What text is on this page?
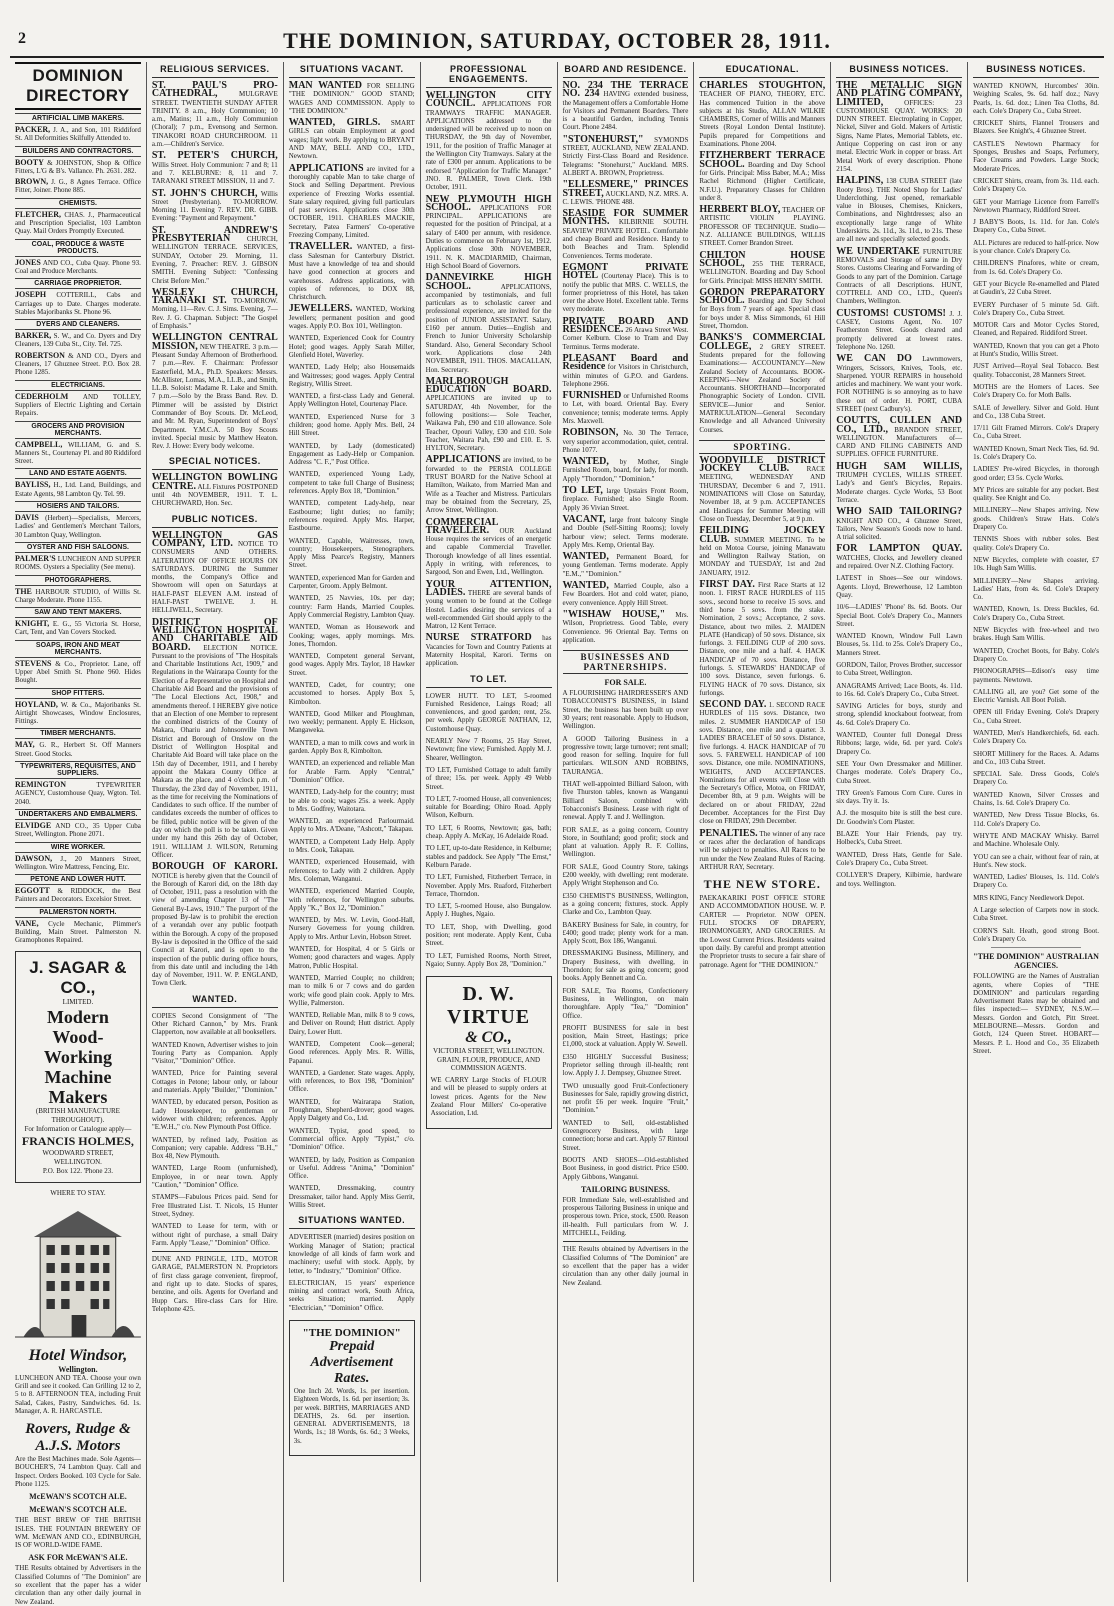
2	THE DOMINION, SATURDAY, OCTOBER 28, 1911.
DOMINION DIRECTORY
ARTIFICIAL LIMB MAKERS.
PACKER, J. A., and Son, 101 Riddiford St. All Deformities Skilfully Attended to.
BUILDERS AND CONTRACTORS.
BOOTY & JOHNSTON, Shop & Office Fitters, L'G & B's. Vallance. Ph. 2631. 282.
BROWN, J. G., 8 Agnes Terrace. Office Fitter, Joiner. Phone 885.
CHEMISTS.
FLETCHER, CHAS. J., Pharmaceutical and Prescription Specialist, 103 Lambton Quay. Mail Orders Promptly Executed.
COAL, PRODUCE & WASTE PRODUCTS.
JONES AND CO., Cuba Quay. Phone 93. Coal and Produce Merchants.
CARRIAGE PROPRIETOR.
JOSEPH COTTERILL, Cabs and Carriages up to Date. Charges moderate. Stables Majoribanks St. Phone 96.
DYERS AND CLEANERS.
BARKER, S. W., and Co. Dyers and Dry Cleaners, 139 Cuba St., City. Tel. 725.
ROBERTSON & AND CO., Dyers and Cleaners, 17 Ghuznee Street. P.O. Box 28. Phone 1285.
ELECTRICIANS.
CEDERHOLM AND TOLLEY, Suppliers of Electric Lighting and Certain Repairs.
GROCERS AND PROVISION MERCHANTS.
CAMPBELL, WILLIAM, G. and S. Manners St., Courtenay Pl. and 80 Riddiford Street.
LAND AND ESTATE AGENTS.
BAYLISS, H., Ltd. Land, Buildings, and Estate Agents, 98 Lambton Qy. Tel. 99.
HOSIERS AND TAILORS.
DAVIS (Herbert)—Specialists, Mercers, Ladies' and Gentlemen's Merchant Tailors, 30 Lambton Quay, Wellington.
OYSTER AND FISH SALOONS.
PALMER'S LUNCHEON AND SUPPER ROOMS. Oysters a Speciality (See menu).
PHOTOGRAPHERS.
THE HARBOUR STUDIO, of Willis St. Charge Moderate. Phone 1155.
SAW AND TENT MAKERS.
KNIGHT, E. G., 55 Victoria St. Horse, Cart, Tent, and Van Covers Stocked.
SOAPS, IRON AND MEAT MERCHANTS.
STEVENS & Co., Proprietor. Lane, off Upper Abel Smith St. Phone 960. Hides Bought.
SHOP FITTERS.
HOYLAND, W. & Co., Majoribanks St. Airtight Showcases, Window Enclosures, Fittings.
TIMBER MERCHANTS.
MAY, G. R., Herbert St. Off Manners Street. Good Stocks.
TYPEWRITERS, REQUISITES, AND SUPPLIERS.
REMINGTON TYPEWRITER AGENCY, Customhouse Quay, Wgton. Tel. 2040.
UNDERTAKERS AND EMBALMERS.
ELVIDGE AND CO., 35 Upper Cuba Street, Wellington. Phone 2071.
WIRE WORKER.
DAWSON, J., 20 Manners Street, Wellington. Wire Mattress, Fencing, Etc.
PETONE AND LOWER HUTT.
EGGOTT & RIDDOCK, the Best Painters and Decorators. Excelsior Street.
PALMERSTON NORTH.
VANE, Cycle Mechanic, Plimmer's Building, Main Street. Palmerston N. Gramophones Repaired.
J. SAGAR & CO.,
LIMITED.
Modern
Wood-Working
Machine Makers
(BRITISH MANUFACTURE THROUGHOUT).
For Information or Catalogue apply—
FRANCIS HOLMES,
WOODWARD STREET, WELLINGTON.
P.O. Box 122. 'Phone 23.
WHERE TO STAY.
Hotel Windsor,
Wellington.
LUNCHEON AND TEA. Choose your own Grill and see it cooked. Can Grilling 12 to 2, 5 to 8. AFTERNOON TEA, including Fruit Salad, Cakes, Pastry, Sandwiches. 6d. 1s. Manager, A. R. HARCASTLE.
Rovers, Rudge &
A.J.S. Motors
Are the Best Machines made. Sole Agents—BOUCHER'S, 74 Lambton Quay. Call and Inspect. Orders Booked. 103 Cycle for Sale. Phone 1125.
McEWAN'S SCOTCH ALE.
McEWAN'S SCOTCH ALE.
THE BEST BREW OF THE BRITISH ISLES. THE FOUNTAIN BREWERY OF WM. McEWAN AND CO., EDINBURGH, IS OF WORLD-WIDE FAME.
ASK FOR McEWAN'S ALE.
THE Results obtained by Advertisers in the Classified Columns of "The Dominion" are so excellent that the paper has a wider circulation than any other daily journal in New Zealand.
RELIGIOUS SERVICES.
ST. PAUL'S PRO-CATHEDRAL, MULGRAVE STREET. TWENTIETH SUNDAY AFTER TRINITY. 8 a.m., Holy Communion; 10 a.m., Matins; 11 a.m., Holy Communion (Choral); 7 p.m., Evensong and Sermon. TINAKORI ROAD CHURCHROOM. 11 a.m.—Children's Service.
ST. PETER'S CHURCH, Willis Street. Holy Communion: 7 and 8; 11 and 7. KELBURNE: 8, 11 and 7. TARANAKI STREET MISSION, 11 and 7.
ST. JOHN'S CHURCH, Willis Street (Presbyterian). TO-MORROW. Morning 11. Evening 7. REV. DR. GIBB. Evening: "Payment and Repayment."
ST. ANDREW'S PRESBYTERIAN CHURCH, WELLINGTON TERRACE. SERVICES, SUNDAY, October 29. Morning, 11. Evening, 7. Preacher: REV. J. GIBSON SMITH. Evening Subject: "Confessing Christ Before Men."
WESLEY CHURCH, TARANAKI ST. TO-MORROW. Morning, 11—Rev. C. J. Sims. Evening, 7—Rev. J. G. Chapman. Subject: "The Gospel of Emphasis."
WELLINGTON CENTRAL MISSION, NEW THEATRE. 3 p.m.—Pleasant Sunday Afternoon of Brotherhood. 7 p.m.—Rev. F. Chairman: Professor Easterfield, M.A., Ph.D. Speakers: Messrs. McAllister, Lomas, M.A., LL.B., and Smith, LL.B. Soloist: Madame R. Lake and Smith. 7 p.m.—Solo by the Brass Band. Rev. D. Plimmer will be assisted by District Commander of Boy Scouts. Dr. McLeod, and Mr. M. Ryan, Superintendent of Boys' Department. Y.M.C.A. 50 Boy Scouts invited. Special music by Matthew Heaton. Rev. J. Howe: Every body welcome.
SPECIAL NOTICES.
WELLINGTON BOWLING CENTRE. ALL Fixtures POSTPONED until 4th NOVEMBER, 1911. T. L. CHURCHWARD, Hon. Sec.
PUBLIC NOTICES.
WELLINGTON GAS COMPANY, LTD. NOTICE TO CONSUMERS AND OTHERS. ALTERATION OF OFFICE HOURS ON SATURDAYS. DURING the Summer months, the Company's Office and Showroom will open on Saturdays at HALF-PAST ELEVEN A.M. instead of HALF-PAST TWELVE. J. H. HELLIWELL, Secretary.
DISTRICT OF WELLINGTON HOSPITAL AND CHARITABLE AID BOARD. ELECTION NOTICE. Pursuant to the provisions of "The Hospitals and Charitable Institutions Act, 1909," and Regulations in the Wairarapa County for the Election of a Representative on Hospital and Charitable Aid Board and the provisions of "The Local Elections Act, 1908," and amendments thereof. I HEREBY give notice that an Election of one Member to represent the combined districts of the County of Makara, Ohariu and Johnsonville Town District and Borough of Onslow on the District of Wellington Hospital and Charitable Aid Board will take place on the 15th day of December, 1911, and I hereby appoint the Makara County Office at Makara as the place, and 4 o'clock p.m. of Thursday, the 23rd day of November, 1911, as the time for receiving the Nominations of Candidates to such office. If the number of candidates exceeds the number of offices to be filled, public notice will be given of the day on which the poll is to be taken. Given under my hand this 26th day of October, 1911. WILLIAM J. WILSON, Returning Officer.
BOROUGH OF KARORI. NOTICE is hereby given that the Council of the Borough of Karori did, on the 18th day of October, 1911, pass a resolution with the view of amending Chapter 13 of "The General By-Laws, 1910." The purport of the proposed By-law is to prohibit the erection of a verandah over any public footpath within the Borough. A copy of the proposed By-law is deposited in the Office of the said Council at Karori, and is open to the inspection of the public during office hours, from this date until and including the 14th day of November, 1911. W. P. ENGLAND, Town Clerk.
WANTED.
COPIES Second Consignment of "The Other Richard Cannon," by Mrs. Frank Clapperton, now available at all booksellers.
WANTED Known, Advertiser wishes to join Touring Party as Companion. Apply "Visitor," "Dominion" Office.
WANTED, Price for Painting several Cottages in Petone; labour only, or labour and materials. Apply "Builder," "Dominion."
WANTED, by educated person, Position as Lady Housekeeper, to gentleman or widower with children; references. Apply "E.W.H.," c/o. New Plymouth Post Office.
WANTED, by refined lady, Position as Companion; very capable. Address "B.H.," Box 48, New Plymouth.
WANTED, Large Room (unfurnished), Employee, in or near town. Apply "Caution," "Dominion" Office.
STAMPS—Fabulous Prices paid. Send for Free Illustrated List. T. Nicols, 15 Hunter Street, Sydney.
WANTED to Lease for term, with or without right of purchase, a small Dairy Farm. Apply "Lease," "Dominion" Office.
DUNE AND PRINGLE, LTD., MOTOR GARAGE, PALMERSTON N. Proprietors of first class garage convenient, fireproof, and right up to date. Stocks of spares, benzine, and oils. Agents for Overland and Hupp Cars. Hire-class Cars for Hire. Telephone 425.
SITUATIONS VACANT.
MAN WANTED FOR SELLING "THE DOMINION." GOOD STAND; WAGES AND COMMISSION. Apply to "THE DOMINION."
WANTED, GIRLS. SMART GIRLS can obtain Employment at good wages; light work. By applying to BRYANT AND MAY, BELL AND CO., LTD., Newtown.
APPLICATIONS are invited for a thoroughly capable Man to take charge of Stock and Selling Department. Previous experience of Freezing Works essential. State salary required, giving full particulars of past services. Applications close 30th OCTOBER, 1911. CHARLES MACKIE, Secretary, Patea Farmers' Co-operative Freezing Company, Limited.
TRAVELLER. WANTED, a first-class Salesman for Canterbury District. Must have a knowledge of tea and should have good connection at grocers and warehouses. Address applications, with copies of references, to DOX 88, Christchurch.
JEWELLERS. WANTED, Working Jewellers; permanent position and good wages. Apply P.O. Box 101, Wellington.
WANTED, Experienced Cook for Country Hotel; good wages. Apply Sarah Miller, Glenfield Hotel, Waverley.
WANTED, Lady Help; also Housemaids and Waitresses; good wages. Apply Central Registry, Willis Street.
WANTED, a first-class Lady and General. Apply Wellington Hotel, Courtenay Place.
WANTED, Experienced Nurse for 3 children; good home. Apply Mrs. Bell, 24 Hill Street.
WANTED, by Lady (domesticated) Engagement as Lady-Help or Companion. Address "C. F.," Post Office.
WANTED, experienced Young Lady, competent to take full Charge of Business; references. Apply Box 18, "Dominion."
WANTED, competent Lady-help, near Eastbourne; light duties; no family; references required. Apply Mrs. Harper, Eastbourne.
WANTED, Capable, Waitresses, town, country; Housekeepers, Stenographers. Apply Miss Pearce's Registry, Manners Street.
WANTED, experienced Man for Garden and Carpenter, Groom. Apply Belmont.
WANTED, 25 Navvies, 10s. per day; country: Farm Hands, Married Couples. Apply Commercial Registry, Lambton Quay.
WANTED, Woman as Housework and Cooking; wages, apply mornings. Mrs. Jones, Thorndon.
WANTED, Competent general Servant, good wages. Apply Mrs. Taylor, 18 Hawker Street.
WANTED, Cadet, for country; one accustomed to horses. Apply Box 5, Kimbolton.
WANTED, Good Milker and Ploughman, two weekly; permanent. Apply E. Hickson, Mangaweka.
WANTED, a man to milk cows and work in garden. Apply Box 8, Kimbolton.
WANTED, an experienced and reliable Man for Arable Farm. Apply "Central," "Dominion" Office.
WANTED, Lady-help for the country; must be able to cook; wages 25s. a week. Apply to Mrs. Godfrey, Waitotara.
WANTED, an experienced Parlourmaid. Apply to Mrs. A'Deane, "Ashcott," Takapau.
WANTED, a Competent Lady Help. Apply to Mrs. Cook, Takapau.
WANTED, experienced Housemaid, with references; to Lady with 2 children. Apply Mrs. Coleman, Wanganui.
WANTED, experienced Married Couple, with references, for Wellington suburbs. Apply "K.," Box 12, "Dominion."
WANTED, by Mrs. W. Levin, Good-Hall, Nursery Governess for young children. Apply to Mrs. Arthur Levin, Hobson Street.
WANTED, for Hospital, 4 or 5 Girls or Women; good characters and wages. Apply Matron, Public Hospital.
WANTED, Married Couple; no children; man to milk 6 or 7 cows and do garden work; wife good plain cook. Apply to Mrs. Wyllie, Palmerston.
WANTED, Reliable Man, milk 8 to 9 cows, and Deliver on Round; Hutt district. Apply Dairy, Lower Hutt.
WANTED, Competent Cook—general; Good references. Apply Mrs. R. Willis, Papanui.
WANTED, a Gardener. State wages. Apply, with references, to Box 198, "Dominion" Office.
WANTED, for Wairarapa Station, Ploughman, Shepherd-drover; good wages. Apply Dalgety and Co., Ltd.
WANTED, Typist, good speed, to Commercial office. Apply "Typist," c/o. "Dominion" Office.
WANTED, by lady, Position as Companion or Useful. Address "Anima," "Dominion" Office.
WANTED, Dressmaking, country Dressmaker, tailor hand. Apply Miss Gerrit, Willis Street.
SITUATIONS WANTED.
ADVERTISER (married) desires position on Working Manager of Station; practical knowledge of all kinds of farm work and machinery; useful with stock. Apply, by letter, to "Industry," "Dominion" Office.
ELECTRICIAN, 15 years' experience mining and contract work, South Africa, seeks Situation; married. Apply "Electrician," "Dominion" Office.
"THE DOMINION"
Prepaid Advertisement Rates.
One Inch 2d. Words, 1s. per insertion. Eighteen Words, 1s. 6d. per insertion; 3s. per week. BIRTHS, MARRIAGES AND DEATHS, 2s. 6d. per insertion. GENERAL ADVERTISEMENTS, 18 Words, 1s.; 18 Words, 6s. 6d.; 3 Weeks, 3s.
PROFESSIONAL ENGAGEMENTS.
WELLINGTON CITY COUNCIL. APPLICATIONS FOR TRAMWAYS TRAFFIC MANAGER. APPLICATIONS addressed to the undersigned will be received up to noon on THURSDAY, the 9th day of November, 1911, for the position of Traffic Manager at the Wellington City Tramways. Salary at the rate of £300 per annum. Applications to be endorsed "Application for Traffic Manager." JNO. R. PALMER, Town Clerk. 19th October, 1911.
NEW PLYMOUTH HIGH SCHOOL. APPLICATIONS FOR PRINCIPAL. APPLICATIONS are requested for the position of Principal, at a salary of £400 per annum, with residence. Duties to commence on February 1st, 1912. Applications close 30th NOVEMBER, 1911. N. K. MACDIARMID, Chairman, High School Board of Governors.
DANNEVIRKE HIGH SCHOOL. APPLICATIONS, accompanied by testimonials, and full particulars as to scholastic career and professional experience, are invited for the position of JUNIOR ASSISTANT. Salary, £160 per annum. Duties—English and French to Junior University Scholarship Standard. Also, General Secondary School work. Applications close 24th NOVEMBER, 1911. THOS. MACALLAN, Hon. Secretary.
MARLBOROUGH EDUCATION BOARD. APPLICATIONS are invited up to SATURDAY, 4th November, for the following positions:— Sole Teacher, Waikawa Pah, £90 and £10 allowance. Sole Teacher, Opouri Valley, £30 and £10. Sole Teacher, Waitara Pah, £90 and £10. E. S. HYLTON, Secretary.
APPLICATIONS are invited, to be forwarded to the PERSIA COLLEGE TRUST BOARD for the Native School at Hamilton, Waikato, from Married Man and Wife as a Teacher and Mistress. Particulars may be obtained from the Secretary, 25, Arrow Street, Wellington.
COMMERCIAL TRAVELLER. OUR Auckland House requires the services of an energetic and capable Commercial Traveller. Thorough knowledge of all lines essential. Apply in writing, with references, to Sargood, Son and Ewen, Ltd., Wellington.
YOUR ATTENTION, LADIES. THERE are several bands of young women to be found at the College Hostel. Ladies desiring the services of a well-recommended Girl should apply to the Matron, 12 Kent Terrace.
NURSE STRATFORD has Vacancies for Town and Country Patients at Maternity Hospital, Karori. Terms on application.
TO LET.
LOWER HUTT. TO LET, 5-roomed Furnished Residence, Laings Road; all conveniences, and good garden; rent, 25s. per week. Apply GEORGE NATHAN, 12, Customhouse Quay.
NEARLY New 7 Rooms, 25 Hay Street, Newtown; fine view; Furnished. Apply M. J. Shearer, Wellington.
TO LET, Furnished Cottage to adult family of three; 15s. per week. Apply 49 Webb Street.
TO LET, 7-roomed House, all conveniences; suitable for Boarding; Ohiro Road. Apply Wilson, Kelburn.
TO LET, 6 Rooms, Newtown; gas, bath; cheap. Apply A. McKay, 16 Adelaide Road.
TO LET, up-to-date Residence, in Kelburne; stables and paddock. See Apply "The Ernst," Kelburn Parade.
TO LET, Furnished, Fitzherbert Terrace, in November. Apply Mrs. Ruaford, Fitzherbert Terrace, Thorndon.
TO LET, 5-roomed House, also Bungalow. Apply J. Hughes, Ngaio.
TO LET, Shop, with Dwelling, good position; rent moderate. Apply Kent, Cuba Street.
TO LET, Furnished Rooms, North Street, Ngaio; Sunny. Apply Box 28, "Dominion."
D. W. VIRTUE
& CO.,
VICTORIA STREET, WELLINGTON. GRAIN, FLOUR, PRODUCE, AND COMMISSION AGENTS.
WE CARRY Large Stocks of FLOUR and will be pleased to supply orders at lowest prices. Agents for the New Zealand Flour Millers' Co-operative Association, Ltd.
BOARD AND RESIDENCE.
NO. 234 THE TERRACE NO. 234 HAVING extended business, the Management offers a Comfortable Home for Visitors and Permanent Boarders. There is a beautiful Garden, including Tennis Court. Phone 2484.
"STONEHURST," SYMONDS STREET, AUCKLAND, NEW ZEALAND. Strictly First-Class Board and Residence. Telegrams: "Stonehurst," Auckland. MRS. ALBERT A. BROWN, Proprietress.
"ELLESMERE," PRINCES STREET, AUCKLAND, N.Z. MRS. A. C. LEWIS. 'PHONE 488.
SEASIDE FOR SUMMER MONTHS. KILBIRNIE SOUTH. SEAVIEW PRIVATE HOTEL. Comfortable and cheap Board and Residence. Handy to both Beaches and Tram. Splendid Conveniences. Terms moderate.
EGMONT PRIVATE HOTEL (Courtenay Place). This is to notify the public that MRS. C. WELLS, the former proprietress of this Hotel, has taken over the above Hotel. Excellent table. Terms very moderate.
PRIVATE BOARD AND RESIDENCE. 26 Arawa Street West. Corner Kelburn. Close to Tram and Day Terminus. Terms moderate.
PLEASANT Board and Residence for Visitors in Christchurch, within minutes of G.P.O. and Gardens. Telephone 2966.
FURNISHED or Unfurnished Rooms to Let, with board. Oriental Bay. Every convenience; tennis; moderate terms. Apply Mrs. Maxwell.
ROBINSON, No. 30 The Terrace, very superior accommodation, quiet, central. Phone 1077.
WANTED, by Mother, Single Furnished Room, board, for lady, for month. Apply "Thorndon," "Dominion."
TO LET, large Upstairs Front Room, fireplace. Furnished; also Single Room. Apply 36 Vivian Street.
VACANT, large front balcony Single and Double (Self-Sitting Rooms); lovely harbour view; select. Terms moderate. Apply Mrs. Kemp, Oriental Bay.
WANTED, Permanent Board, for young Gentleman. Terms moderate. Apply "E.M.," "Dominion."
WANTED, Married Couple, also a Few Boarders. Hot and cold water, piano, every convenience. Apply Hill Street.
"WISHAW HOUSE," Mrs. Wilson, Proprietress. Good Table, every Convenience. 96 Oriental Bay. Terms on application.
BUSINESSES AND PARTNERSHIPS.
FOR SALE.
A FLOURISHING HAIRDRESSER'S AND TOBACCONIST'S BUSINESS, in Island Street, the business has been built up over 30 years; rent reasonable. Apply to Hudson, Wellington.
A GOOD Tailoring Business in a progressive town; large turnover; rent small; good reason for selling. Inquire for full particulars. WILSON AND ROBBINS, TAURANGA.
THAT well-appointed Billiard Saloon, with five Thurston tables, known as Wanganui Billiard Saloon, combined with Tobacconist's Business. Lease with right of renewal. Apply T. and J. Wellington.
FOR SALE, as a going concern, Country Store, in Southland; good profit; stock and plant at valuation. Apply R. F. Collins, Wellington.
FOR SALE, Good Country Store, takings £200 weekly, with dwelling; rent moderate. Apply Wright Stephenson and Co.
£350 CHEMIST'S BUSINESS, Wellington, as a going concern; fixtures, stock. Apply Clarke and Co., Lambton Quay.
BAKERY Business for Sale, in country, for £400; good trade; plenty work for a man. Apply Scott, Box 186, Wanganui.
DRESSMAKING Business, Millinery, and Drapery Business, with dwelling, in Thorndon; for sale as going concern; good books. Apply Bennett and Co.
FOR SALE, Tea Rooms, Confectionery Business, in Wellington, on main thoroughfare. Apply "Tea," "Dominion" Office.
PROFIT BUSINESS for sale in best position, Main Street, Hastings; price £1,000, stock at valuation. Apply W. Sewell.
£350 HIGHLY Successful Business; Proprietor selling through ill-health; rent low. Apply J. J. Dempsey, Ghuznee Street.
TWO unusually good Fruit-Confectionery Businesses for Sale, rapidly growing district, net profit £6 per week. Inquire "Fruit," "Dominion."
WANTED to Sell, old-established Greengrocery Business, with large connection; horse and cart. Apply 57 Rintoul Street.
BOOTS AND SHOES—Old-established Boot Business, in good district. Price £500. Apply Gibbons, Wanganui.
TAILORING BUSINESS.
FOR Immediate Sale, well-established and prosperous Tailoring Business in unique and prosperous town. Price, stock, £500. Reason ill-health. Full particulars from W. J. MITCHELL, Feilding.
THE Results obtained by Advertisers in the Classified Columns of "The Dominion" are so excellent that the paper has a wider circulation than any other daily journal in New Zealand.
EDUCATIONAL.
CHARLES STOUGHTON, TEACHER OF PIANO, THEORY, ETC. Has commenced Tuition in the above subjects at his Studio, ALLAN WILKIE CHAMBERS, Corner of Willis and Manners Streets (Royal London Dental Institute). Pupils prepared for Competitions and Examinations. Phone 2004.
FITZHERBERT TERRACE SCHOOL. Boarding and Day School for Girls. Principal: Miss Baber, M.A.; Miss Rachel Richmond (Higher Certificate, N.F.U.). Preparatory Classes for Children under 8.
HERBERT BLOY, TEACHER OF ARTISTIC VIOLIN PLAYING. PROFESSOR OF TECHNIQUE. Studio—N.Z. ALLIANCE BUILDINGS, WILLIS STREET. Corner Brandon Street.
CHILTON HOUSE SCHOOL, 255 THE TERRACE, WELLINGTON. Boarding and Day School for Girls. Principal: MISS HENRY SMITH.
GORDON PREPARATORY SCHOOL. Boarding and Day School for Boys from 7 years of age. Special class for boys under 8. Miss Simmonds, 61 Hill Street, Thorndon.
BANKS'S COMMERCIAL COLLEGE, 2 GREY STREET. Students prepared for the following Examinations:— ACCOUNTANCY—New Zealand Society of Accountants. BOOK-KEEPING—New Zealand Society of Accountants. SHORTHAND—Incorporated Phonographic Society of London. CIVIL SERVICE—Junior and Senior. MATRICULATION—General Secondary Knowledge and all Advanced University Courses.
SPORTING.
WOODVILLE DISTRICT JOCKEY CLUB. RACE MEETING, WEDNESDAY AND THURSDAY, December 6 and 7, 1911. NOMINATIONS will Close on Saturday, November 18, at 9 p.m. ACCEPTANCES and Handicaps for Summer Meeting will Close on Tuesday, December 5, at 9 p.m.
FEILDING JOCKEY CLUB. SUMMER MEETING. To be held on Motoa Course, joining Manawatu and Wellington Railway Station, on MONDAY and TUESDAY, 1st and 2nd JANUARY, 1912.
FIRST DAY. First Race Starts at 12 noon. 1. FIRST RACE HURDLES of 115 sovs., second horse to receive 15 sovs. and third horse 5 sovs. from the stake. Nomination, 2 sovs.; Acceptance, 2 sovs. Distance, about two miles. 2. MAIDEN PLATE (Handicap) of 50 sovs. Distance, six furlongs. 3. FEILDING CUP of 200 sovs. Distance, one mile and a half. 4. HACK HANDICAP of 70 sovs. Distance, five furlongs. 5. STEWARDS' HANDICAP of 100 sovs. Distance, seven furlongs. 6. FLYING HACK of 70 sovs. Distance, six furlongs.
SECOND DAY. 1. SECOND RACE HURDLES of 115 sovs. Distance, two miles. 2. SUMMER HANDICAP of 150 sovs. Distance, one mile and a quarter. 3. LADIES' BRACELET of 50 sovs. Distance, five furlongs. 4. HACK HANDICAP of 70 sovs. 5. FAREWELL HANDICAP of 100 sovs. Distance, one mile. NOMINATIONS, WEIGHTS, AND ACCEPTANCES. Nominations for all events will Close with the Secretary's Office, Motoa, on FRIDAY, December 8th, at 9 p.m. Weights will be declared on or about FRIDAY, 22nd December. Acceptances for the First Day close on FRIDAY, 29th December.
PENALTIES. The winner of any race or races after the declaration of handicaps will be subject to penalties. All Races to be run under the New Zealand Rules of Racing. ARTHUR RAY, Secretary.
THE NEW STORE.
PAEKAKARIKI POST OFFICE STORE AND ACCOMMODATION HOUSE. W. P. CARTER — Proprietor. NOW OPEN. FULL STOCKS OF DRAPERY, IRONMONGERY, AND GROCERIES. At the Lowest Current Prices. Residents waited upon daily. By careful and prompt attention the Proprietor trusts to secure a fair share of patronage. Agent for "THE DOMINION."
BUSINESS NOTICES.
THE METALLIC SIGN AND PLATING COMPANY, LIMITED, OFFICES: 23 CUSTOMHOUSE QUAY. WORKS: 20 DUNN STREET. Electroplating in Copper, Nickel, Silver and Gold. Makers of Artistic Signs, Name Plates, Memorial Tablets, etc. Antique Coppering on cast iron or any metal. Electric Work in copper or brass. Art Metal Work of every description. Phone 2154.
HALPINS, 138 CUBA STREET (late Rooty Bros). THE Noted Shop for Ladies' Underclothing. Just opened, remarkable value in Blouses, Chemises, Knickers, Combinations, and Nightdresses; also an exceptionally large range of White Underskirts. 2s. 11d., 3s. 11d., to 21s. These are all new and specially selected goods.
WE UNDERTAKE FURNITURE REMOVALS and Storage of same in Dry Stores. Customs Clearing and Forwarding of Goods to any part of the Dominion. Cartage Contracts of all Descriptions. HUNT, COTTRELL AND CO., LTD., Queen's Chambers, Wellington.
CUSTOMS! CUSTOMS! J. J. CASEY, Customs Agent, No. 107 Featherston Street. Goods cleared and promptly delivered at lowest rates. Telephone No. 1260.
WE CAN DO Lawnmowers, Wringers, Scissors, Knives, Tools, etc. Sharpened. YOUR REPAIRS in household articles and machinery. We want your work. FOR NOTHING is so annoying as to have these out of order. H. PORT, CUBA STREET (next Cadbury's).
COUTTS, CULLEN AND CO., LTD., BRANDON STREET, WELLINGTON. Manufacturers of— CARD AND FILING CABINETS AND SUPPLIES. OFFICE FURNITURE.
HUGH SAM WILLIS, TRIUMPH CYCLES, WILLIS STREET. Lady's and Gent's Bicycles, Repairs. Moderate charges. Cycle Works, 53 Boot Terrace.
WHO SAID TAILORING? KNIGHT AND CO., 4 Ghuznee Street, Tailors, New Season's Goods now to hand. A trial solicited.
FOR LAMPTON QUAY. WATCHES, Clocks, and Jewellery cleaned and repaired. Over N.Z. Clothing Factory.
LATEST in Shoes—See our windows. Agents. Lloyd, Brewerhouse, 12 Lambton Quay.
10/6—LADIES' 'Phone' 8s. 6d. Boots. Our Special Boot. Cole's Drapery Co., Manners Street.
WANTED Known, Window Full Lawn Blouses, 5s. 11d. to 25s. Cole's Drapery Co., Manners Street.
GORDON, Tailor, Proves Brother, successor to Cuba Street, Wellington.
ANAGRAMS Arrived; Lace Boots, 4s. 11d. to 16s. 6d. Cole's Drapery Co., Cuba Street.
SAVING Articles for boys, sturdy and strong, splendid knockabout footwear, from 4s. 6d. Cole's Drapery Co.
WANTED, Counter full Donegal Dress Ribbons; large, wide, 6d. per yard. Cole's Drapery Co.
SEE Your Own Dressmaker and Milliner. Charges moderate. Cole's Drapery Co., Cuba Street.
TRY Green's Famous Corn Cure. Cures in six days. Try it. 1s.
A.J. the mosquito bite is still the best cure. Dr. Goodwin's Corn Plaster.
BLAZE Your Hair Friends, pay try. Holbeck's, Cuba Street.
WANTED, Dress Hats, Gentle for Sale. Cole's Drapery Co., Cuba Street.
COLLYER'S Drapery, Kilbirnie, hardware and toys. Wellington.
BUSINESS NOTICES.
WANTED KNOWN, Hurcombes' 30in. Weighing Scales, 9s. 6d. half doz.; Navy Pearls, 1s. 6d. doz.; Linen Tea Cloths, 8d. each. Cole's Drapery Co., Cuba Street.
CRICKET Shirts, Flannel Trousers and Blazers. See Knight's, 4 Ghuznee Street.
CASTLE'S Newtown Pharmacy for Sponges, Brushes and Soaps, Perfumery, Face Creams and Powders. Large Stock; Moderate Prices.
CRICKET Shirts, cream, from 3s. 11d. each. Cole's Drapery Co.
GET your Marriage Licence from Farrell's Newtown Pharmacy, Riddiford Street.
J BABY'S Boots, 1s. 11d. for Jan. Cole's Drapery Co., Cuba Street.
ALL Pictures are reduced to half-price. Now is your chance. Cole's Drapery Co.
CHILDREN'S Pinafores, white or cream, from 1s. 6d. Cole's Drapery Co.
GET your Bicycle Re-enamelled and Plated at Gaudin's, 22 Cuba Street.
EVERY Purchaser of 5 minute 5d. Gift. Cole's Drapery Co., Cuba Street.
MOTOR Cars and Motor Cycles Stored, Cleaned, and Repaired. Riddiford Street.
WANTED, Known that you can get a Photo at Hunt's Studio, Willis Street.
JUST Arrived—Royal Seal Tobacco. Best quality. Tobacconist, 28 Manners Street.
MOTHS are the Homers of Laces. See Cole's Drapery Co. for Moth Balls.
SALE of Jewellery. Silver and Gold. Hunt and Co., 138 Cuba Street.
17/11 Gilt Framed Mirrors. Cole's Drapery Co., Cuba Street.
WANTED Known, Smart Neck Ties, 6d. 9d. 1s. Cole's Drapery Co.
LADIES' Pre-wired Bicycles, in thorough good order; £3 5s. Cycle Works.
MY Prices are suitable for any pocket. Best quality. See Knight and Co.
MILLINERY—New Shapes arriving. New goods. Children's Straw Hats. Cole's Drapery Co.
TENNIS Shoes with rubber soles. Best quality. Cole's Drapery Co.
NEW Bicycles, complete with coaster, £7 10s. Hugh Sam Willis.
MILLINERY—New Shapes arriving. Ladies' Hats, from 4s. 6d. Cole's Drapery Co.
WANTED, Known, 1s. Dress Buckles, 6d. Cole's Drapery Co., Cuba Street.
NEW Bicycles with free-wheel and two brakes. Hugh Sam Willis.
WANTED, Crochet Boots, for Baby. Cole's Drapery Co.
PHONOGRAPHS—Edison's easy time payments. Newtown.
CALLING all, are you? Get some of the Electric Varnish. All Boot Polish.
OPEN till Friday Evening. Cole's Drapery Co., Cuba Street.
WANTED, Men's Handkerchiefs, 6d. each. Cole's Drapery Co.
SHORT Millinery for the Races. A. Adams and Co., 103 Cuba Street.
SPECIAL Sale. Dress Goods, Cole's Drapery Co.
WANTED Known, Silver Crosses and Chains, 1s. 6d. Cole's Drapery Co.
WANTED, New Dress Tissue Blocks, 6s. 11d. Cole's Drapery Co.
WHYTE AND MACKAY Whisky. Barrel and Machine. Wholesale Only.
YOU can see a chair, without fear of rain, at Hunt's. New stock.
WANTED, Ladies' Blouses, 1s. 11d. Cole's Drapery Co.
MRS KING, Fancy Needlework Depot.
A Large selection of Carpets now in stock. Cuba Street.
CORN'S Salt. Heath, good strong Boot. Cole's Drapery Co.
"THE DOMINION" AUSTRALIAN AGENCIES.
FOLLOWING are the Names of Australian agents, where Copies of "THE DOMINION" and particulars regarding Advertisement Rates may be obtained and files inspected:— SYDNEY, N.S.W.—Messrs. Gordon and Gotch, Pitt Street. MELBOURNE—Messrs. Gordon and Gotch, 124 Queen Street. HOBART—Messrs. P. L. Hood and Co., 35 Elizabeth Street.
